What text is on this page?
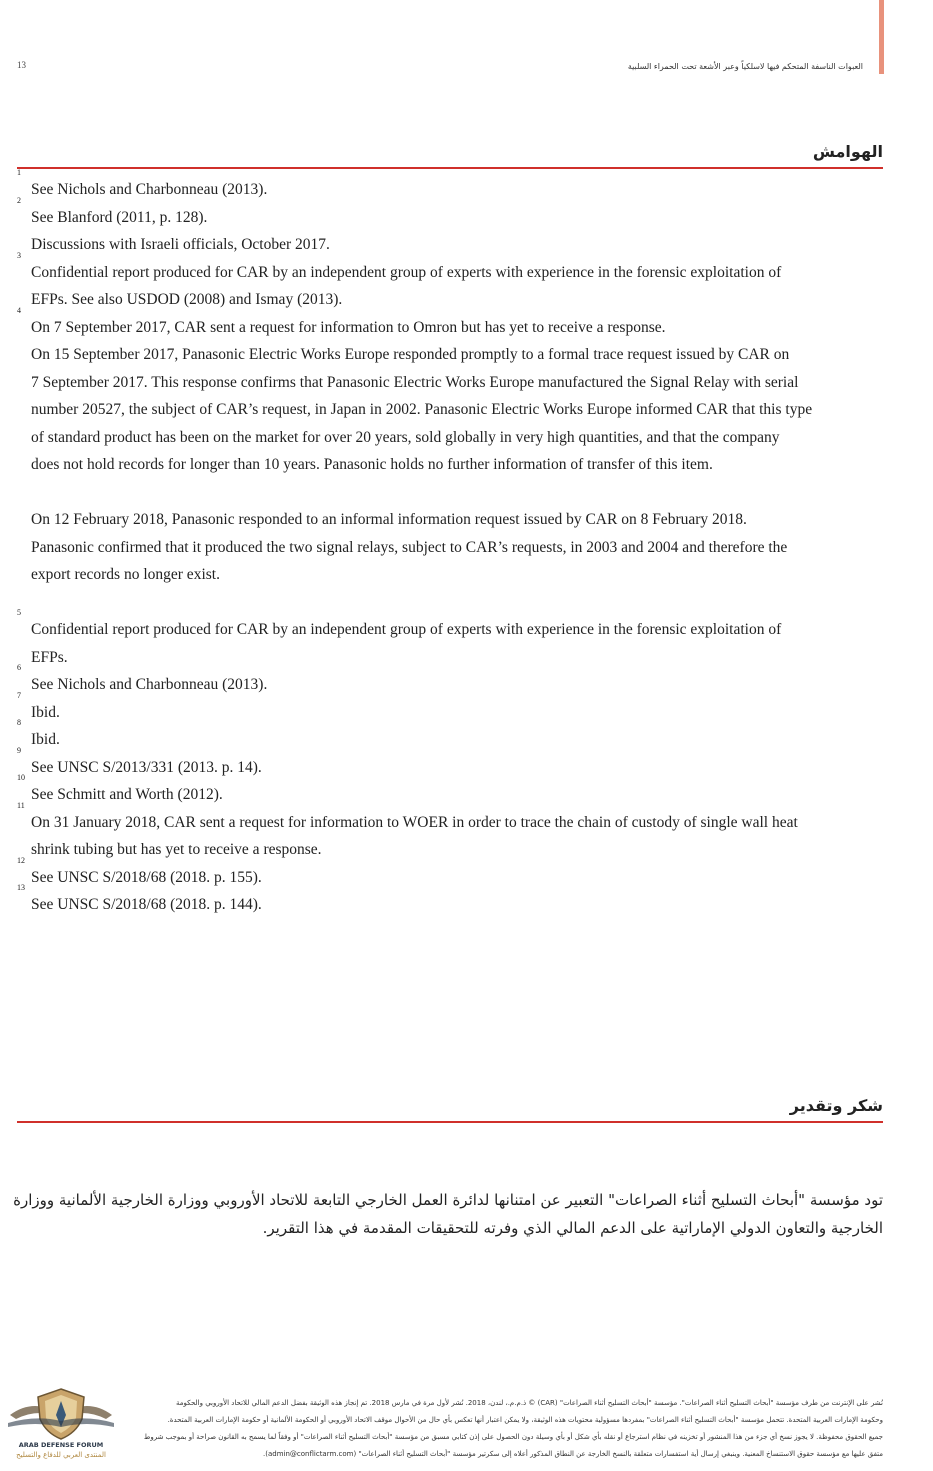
13	العبوات الناسفة المتحكم فيها لاسلكياً وعبر الأشعة تحت الحمراء السلبية
الهوامش
1
See Nichols and Charbonneau (2013).
2
See Blanford (2011, p. 128).
Discussions with Israeli officials, October 2017.
3
Confidential report produced for CAR by an independent group of experts with experience in the forensic exploitation of
EFPs. See also USDOD (2008) and Ismay (2013).
4
On 7 September 2017, CAR sent a request for information to Omron but has yet to receive a response.
On 15 September 2017, Panasonic Electric Works Europe responded promptly to a formal trace request issued by CAR on
7 September 2017. This response confirms that Panasonic Electric Works Europe manufactured the Signal Relay with serial
number 20527, the subject of CAR’s request, in Japan in 2002. Panasonic Electric Works Europe informed CAR that this type
of standard product has been on the market for over 20 years, sold globally in very high quantities, and that the company
does not hold records for longer than 10 years. Panasonic holds no further information of transfer of this item.
On 12 February 2018, Panasonic responded to an informal information request issued by CAR on 8 February 2018.
Panasonic confirmed that it produced the two signal relays, subject to CAR’s requests, in 2003 and 2004 and therefore the
export records no longer exist.
5
Confidential report produced for CAR by an independent group of experts with experience in the forensic exploitation of
EFPs.
6
See Nichols and Charbonneau (2013).
7
Ibid.
8
Ibid.
9
See UNSC S/2013/331 (2013. p. 14).
10
See Schmitt and Worth (2012).
11
On 31 January 2018, CAR sent a request for information to WOER in order to trace the chain of custody of single wall heat
shrink tubing but has yet to receive a response.
12
See UNSC S/2018/68 (2018. p. 155).
13
See UNSC S/2018/68 (2018. p. 144).
شكر وتقدير
تود مؤسسة "أبحاث التسليح أثناء الصراعات" التعبير عن امتنانها لدائرة العمل الخارجي التابعة للاتحاد الأوروبي ووزارة الخارجية الألمانية ووزارة
الخارجية والتعاون الدولي الإماراتية على الدعم المالي الذي وفرته للتحقيقات المقدمة في هذا التقرير.
نُشر على الإنترنت من طرف مؤسسة "أبحاث التسليح أثناء الصراعات". مؤسسة "أبحاث التسليح أثناء الصراعات" (CAR) © ذ.م.م.، لندن، 2018. نُشر لأول مرة في مارس 2018. تم إنجاز هذه الوثيقة بفضل الدعم المالي للاتحاد الأوروبي والحكومة
وحكومة الإمارات العربية المتحدة. تتحمل مؤسسة "أبحاث التسليح أثناء الصراعات" بمفردها مسؤولية محتويات هذه الوثيقة، ولا يمكن اعتبار أنها تعكس بأي حال من الأحوال موقف الاتحاد الأوروبي أو الحكومة الألمانية أو حكومة الإمارات العربية المتحدة.
جميع الحقوق محفوظة. لا يجوز نسخ أي جزء من هذا المنشور أو تخزينه في نظام استرجاع أو نقله بأي شكل أو بأي وسيلة دون الحصول على إذن كتابي مسبق من مؤسسة "أبحاث التسليح أثناء الصراعات" أو وفقاً لما يسمح به القانون صراحة أو بموجب شروط
متفق عليها مع مؤسسة حقوق الاستنساخ المعنية. وينبغي إرسال أية استفسارات متعلقة بالنسخ الخارجة عن النطاق المذكور أعلاه إلى سكرتير مؤسسة "أبحاث التسليح أثناء الصراعات" (admin@conflictarm.com).
ARAB DEFENSE FORUM
المنتدى العربي للدفاع والتسليح
